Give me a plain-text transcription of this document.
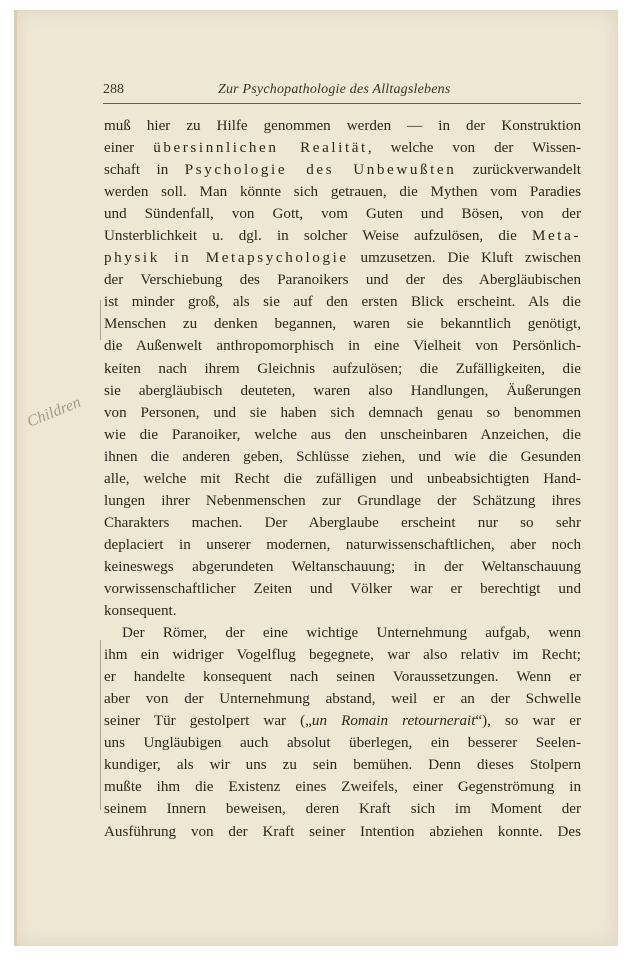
288	Zur Psychopathologie des Alltagslebens
Children
muß hier zu Hilfe genommen werden — in der Konstruktion
einer übersinnlichen Realität, welche von der Wissen-
schaft in Psychologie des Unbewußten zurückverwandelt
werden soll. Man könnte sich getrauen, die Mythen vom Paradies
und Sündenfall, von Gott, vom Guten und Bösen, von der
Unsterblichkeit u. dgl. in solcher Weise aufzulösen, die Meta-
physik in Metapsychologie umzusetzen. Die Kluft zwischen
der Verschiebung des Paranoikers und der des Abergläubischen
ist minder groß, als sie auf den ersten Blick erscheint. Als die
Menschen zu denken begannen, waren sie bekanntlich genötigt,
die Außenwelt anthropomorphisch in eine Vielheit von Persönlich-
keiten nach ihrem Gleichnis aufzulösen; die Zufälligkeiten, die
sie abergläubisch deuteten, waren also Handlungen, Äußerungen
von Personen, und sie haben sich demnach genau so benommen
wie die Paranoiker, welche aus den unscheinbaren Anzeichen, die
ihnen die anderen geben, Schlüsse ziehen, und wie die Gesunden
alle, welche mit Recht die zufälligen und unbeabsichtigten Hand-
lungen ihrer Nebenmenschen zur Grundlage der Schätzung ihres
Charakters machen. Der Aberglaube erscheint nur so sehr
deplaciert in unserer modernen, naturwissenschaftlichen, aber noch
keineswegs abgerundeten Weltanschauung; in der Weltanschauung
vorwissenschaftlicher Zeiten und Völker war er berechtigt und
konsequent.
Der Römer, der eine wichtige Unternehmung aufgab, wenn
ihm ein widriger Vogelflug begegnete, war also relativ im Recht;
er handelte konsequent nach seinen Voraussetzungen. Wenn er
aber von der Unternehmung abstand, weil er an der Schwelle
seiner Tür gestolpert war („un Romain retournerait“), so war er
uns Ungläubigen auch absolut überlegen, ein besserer Seelen-
kundiger, als wir uns zu sein bemühen. Denn dieses Stolpern
mußte ihm die Existenz eines Zweifels, einer Gegenströmung in
seinem Innern beweisen, deren Kraft sich im Moment der
Ausführung von der Kraft seiner Intention abziehen konnte. Des
